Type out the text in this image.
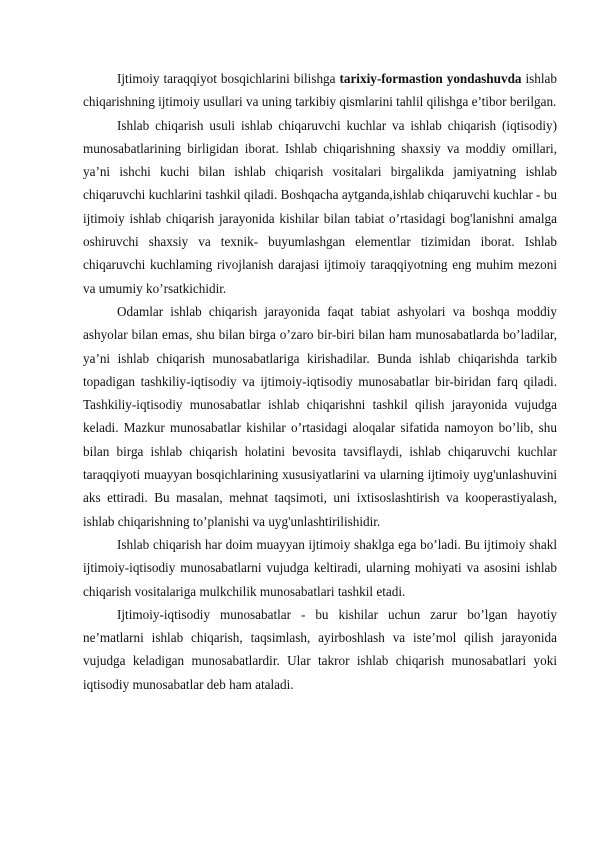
Ijtimoiy taraqqiyot bosqichlarini bilishga tarixiy-formastion yondashuvda ishlab chiqarishning ijtimoiy usullari va uning tarkibiy qismlarini tahlil qilishga e’tibor berilgan.

Ishlab chiqarish usuli ishlab chiqaruvchi kuchlar va ishlab chiqarish (iqtisodiy) munosabatlarining birligidan iborat. Ishlab chiqarishning shaxsiy va moddiy omillari, ya’ni ishchi kuchi bilan ishlab chiqarish vositalari birgalikda jamiyatning ishlab chiqaruvchi kuchlarini tashkil qiladi. Boshqacha aytganda,ishlab chiqaruvchi kuchlar - bu ijtimoiy ishlab chiqarish jarayonida kishilar bilan tabiat o’rtasidagi bog'lanishni amalga oshiruvchi shaxsiy va texnik- buyumlashgan elementlar tizimidan iborat. Ishlab chiqaruvchi kuchlaming rivojlanish darajasi ijtimoiy taraqqiyotning eng muhim mezoni va umumiy ko’rsatkichidir.

Odamlar ishlab chiqarish jarayonida faqat tabiat ashyolari va boshqa moddiy ashyolar bilan emas, shu bilan birga o’zaro bir-biri bilan ham munosabatlarda bo’ladilar, ya’ni ishlab chiqarish munosabatlariga kirishadilar. Bunda ishlab chiqarishda tarkib topadigan tashkiliy-iqtisodiy va ijtimoiy-iqtisodiy munosabatlar bir-biridan farq qiladi. Tashkiliy-iqtisodiy munosabatlar ishlab chiqarishni tashkil qilish jarayonida vujudga keladi. Mazkur munosabatlar kishilar o’rtasidagi aloqalar sifatida namoyon bo’lib, shu bilan birga ishlab chiqarish holatini bevosita tavsiflaydi, ishlab chiqaruvchi kuchlar taraqqiyoti muayyan bosqichlarining xususiyatlarini va ularning ijtimoiy uyg'unlashuvini aks ettiradi. Bu masalan, mehnat taqsimoti, uni ixtisoslashtirish va kooperastiyalash, ishlab chiqarishning to’planishi va uyg'unlashtirilishidir.

Ishlab chiqarish har doim muayyan ijtimoiy shaklga ega bo’ladi. Bu ijtimoiy shakl ijtimoiy-iqtisodiy munosabatlarni vujudga keltiradi, ularning mohiyati va asosini ishlab chiqarish vositalariga mulkchilik munosabatlari tashkil etadi.

Ijtimoiy-iqtisodiy munosabatlar - bu kishilar uchun zarur bo’lgan hayotiy ne’matlarni ishlab chiqarish, taqsimlash, ayirboshlash va iste’mol qilish jarayonida vujudga keladigan munosabatlardir. Ular takror ishlab chiqarish munosabatlari yoki iqtisodiy munosabatlar deb ham ataladi.
